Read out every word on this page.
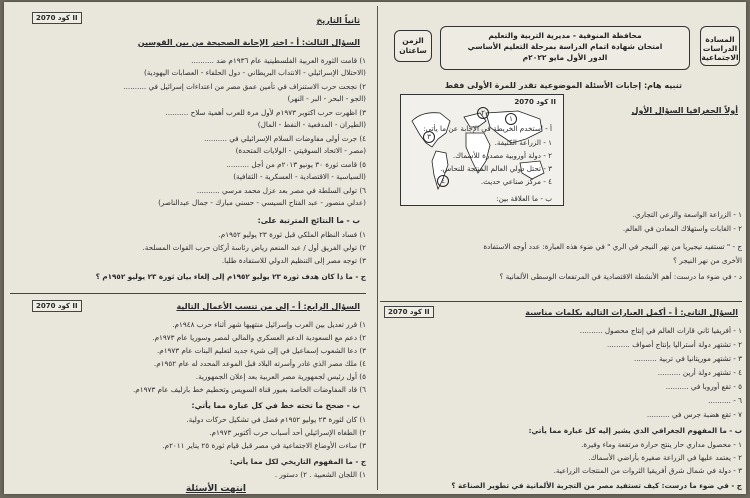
المسادة الدراسات الاجتماعية
محافظة المنوفية - مديرية التربية والتعليم
امتحان شهادة اتمام الدراسة بمرحلة التعليم الأساسي
الدور الأول مايو ٢٠٢٢م
الزمن ساعتان
تنبيه هام: إجابات الأسئلة الموضوعية تقدر للمرة الأولى فقط
كود 2070 II
١
٢
٣
٤
أولاً الجغرافيا السؤال الأول
أ - استخدم الخريطة في الإجابة عن ما يأتي:
١ - الزراعة الكثيفة.
٢ - دولة أوروبية مصدرة للأسماك.
٣ - تحتل دولي العالم المنتجة للنحاس.
٤ - مركز صناعي حديث.
ب - ما العلاقة بين:
١ - الزراعة الواسعة والرعي التجاري.
٢ - الغابات واستهلاك المعادن في العالم.
ج - " تستفيد نيجيريا من نهر النيجر في الري " في ضوء هذه العبارة: عدد أوجه الاستفادة
الأخرى من نهر النيجر ؟
د - في ضوء ما درست: أهم الأنشطة الاقتصادية في المرتفعات الوسطى الألمانية ؟
كود 2070 II	السؤال الثاني: أ - أكمل العبارات التالية بكلمات مناسبة
١ - أفريقيا ثاني قارات العالم في إنتاج محصول ..........
٢ - تشتهر دولة أستراليا بإنتاج أصواف ..........
٣ - تشتهر موريتانيا في تربية ..........
٤ - تشتهر دولة أرين ..........
٥ - تقع أوروبا في ..........
٦ - ..........
٧ - تقع هضبة جرس في ..........
ب - ما المفهوم الجغرافي الذي يشير إليه كل عبارة مما يأتي:
١ - محصول مداري حار ينتج حرارة مرتفعة وماء وفيرة.
٢ - يعتمد عليها في الزراعة صغيرة بأراضي الأسماك.
٣ - دولة في شمال شرق أفريقيا الثروات من المنتجات الزراعية.
ج - في ضوء ما درست: كيف تستفيد مصر من التجربة الألمانية في تطوير الصناعة ؟
كود 2070 II	ثانياً التاريخ
السؤال الثالث: أ - اختر الإجابة الصحيحة من بين القوسين
١) قامت الثورة العربية الفلسطينية عام ١٩٣٦م ضد ..........
(الاحتلال الإسرائيلي - الانتداب البريطاني - دول الحلفاء - العصابات اليهودية)
٢) نجحت حرب الاستنزاف في تأمين عمق مصر من اعتداءات إسرائيل في ..........
(الجو - البحر - البر - النهر)
٣) اظهرت حرب اكتوبر ١٩٧٣م لأول مرة للعرب أهمية سلاح ..........
(الطيران - المدفعية - النفط - المال)
٤) جرت أولى مفاوضات السلام الإسرائيلي في ..........
(مصر - الاتحاد السوفيتي - الولايات المتحدة)
٥) قامت ثورة ٣٠ يونيو ٢٠١٣م من أجل ..........
(السياسية - الاقتصادية - العسكرية - الثقافية)
٦) تولى السلطة في مصر بعد عزل محمد مرسي ..........
(عدلي منصور - عبد الفتاح السيسي - حسني مبارك - جمال عبدالناصر)
ب - ما النتائج المترتبة على:
١) فساد النظام الملكي قبل ثورة ٢٣ يوليو ١٩٥٢م.
٢) تولي الفريق أول / عبد المنعم رياض رئاسة أركان حرب القوات المسلحة.
٣) توجه مصر إلى التنظيم الدولي للاستفادة طلبا.
ج - ما ذا كان هدف ثورة ٢٣ يوليو ١٩٥٢م إلى إلغاء بيان ثورة ٢٣ يوليو ١٩٥٢م ؟
كود 2070 II	السؤال الرابع: أ - إلى من تنسب الأعمال التالية
١) قرر تعديل بين العرب وإسرائيل منتهيها شهر أثناء حرب ١٩٤٨م.
٢) دعم مع السعودية الدعم العسكري والمالي لمصر وسوريا عام ١٩٧٣م.
٣) دعا الشعوب إسماعيل في إلى شيء جديد لتعليم البنات عام ١٩٧٣م.
٤) ملك مصر الذي غادر وأسرته البلاد قبل الموعد المحدد له عام ١٩٥٢م.
٥) أول رئيس لجمهورية مصر العربية بعد إعلان الجمهورية.
٦) قاد المفاوضات الخاصة بعبور قناة السويس وتحطيم خط بارليف عام ١٩٧٣م.
ب - صحح ما تحته خط في كل عبارة مما يأتي:
١) كان لثورة ٢٣ يوليو ١٩٥٢م فضل في تشكيل حركات دولية.
٢) الطغاه الإسرائيلي أحد أسباب حرب أكتوبر ١٩٧٣م.
٣) ساءت الأوضاع الاجتماعية في مصر قبل قيام ثورة ٢٥ يناير ٢٠١١م.
ج - ما المفهوم التاريخي لكل مما يأتي:
١) اللجان الشعبية . ٢) دستور .
انتهت الأسئلة
